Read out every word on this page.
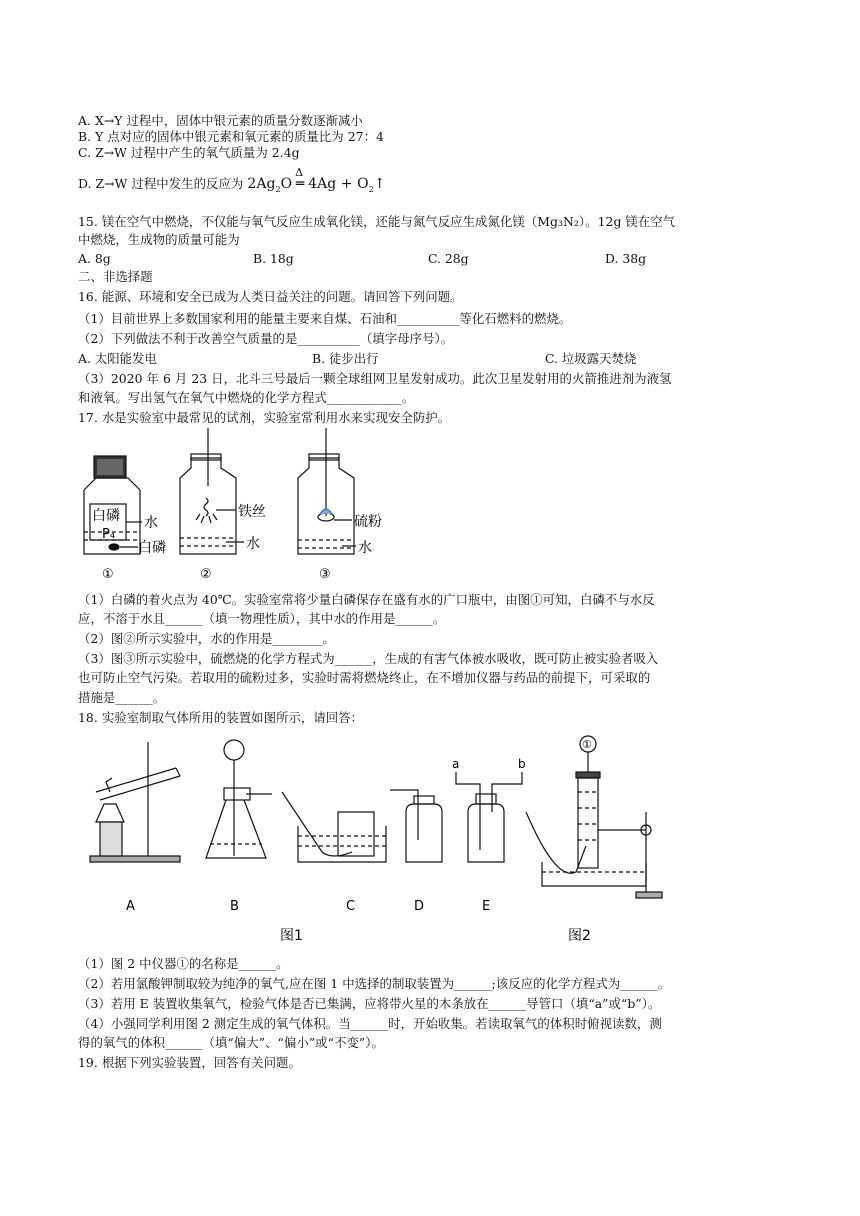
A. X→Y 过程中，固体中银元素的质量分数逐渐减小
B. Y 点对应的固体中银元素和氧元素的质量比为 27：4
C. Z→W 过程中产生的氧气质量为 2.4g
D. Z→W 过程中发生的反应为 $2Ag_2O$
Δ
═ $4Ag + O_2↑$
15. 镁在空气中燃烧，不仅能与氧气反应生成氧化镁，还能与氮气反应生成氮化镁（Mg₃N₂）。12g 镁在空气
中燃烧，生成物的质量可能为
A. 8g	B. 18g	C. 28g	D. 38g
二、非选择题
16. 能源、环境和安全已成为人类日益关注的问题。请回答下列问题。
（1）目前世界上多数国家利用的能量主要来自煤、石油和__________等化石燃料的燃烧。
（2）下列做法不利于改善空气质量的是__________（填字母序号）。
A. 太阳能发电	B. 徒步出行	C. 垃圾露天焚烧
（3）2020 年 6 月 23 日，北斗三号最后一颗全球组网卫星发射成功。此次卫星发射用的火箭推进剂为液氢
和液氧。写出氢气在氧气中燃烧的化学方程式____________。
17. 水是实验室中最常见的试剂，实验室常利用水来实现安全防护。
白磷
P₄
水
白磷
铁丝
水
硫粉
水
①	②	③
（1）白磷的着火点为 40℃。实验室常将少量白磷保存在盛有水的广口瓶中，由图①可知，白磷不与水反
应，不溶于水且______（填一物理性质），其中水的作用是______。
（2）图②所示实验中，水的作用是________。
（3）图③所示实验中，硫燃烧的化学方程式为______，生成的有害气体被水吸收，既可防止被实验者吸入
也可防止空气污染。若取用的硫粉过多，实验时需将燃烧终止，在不增加仪器与药品的前提下，可采取的
措施是______。
18. 实验室制取气体所用的装置如图所示，请回答：
A	B	C	D	E
a	b
①
图1	图2
（1）图 2 中仪器①的名称是______。
（2）若用氯酸钾制取较为纯净的氧气,应在图 1 中选择的制取装置为______;该反应的化学方程式为______。
（3）若用 E 装置收集氧气，检验气体是否已集满，应将带火星的木条放在______导管口（填“a”或“b”）。
（4）小强同学利用图 2 测定生成的氧气体积。当______时，开始收集。若读取氧气的体积时俯视读数，测
得的氧气的体积______（填“偏大”、“偏小”或“不变”）。
19. 根据下列实验装置，回答有关问题。
